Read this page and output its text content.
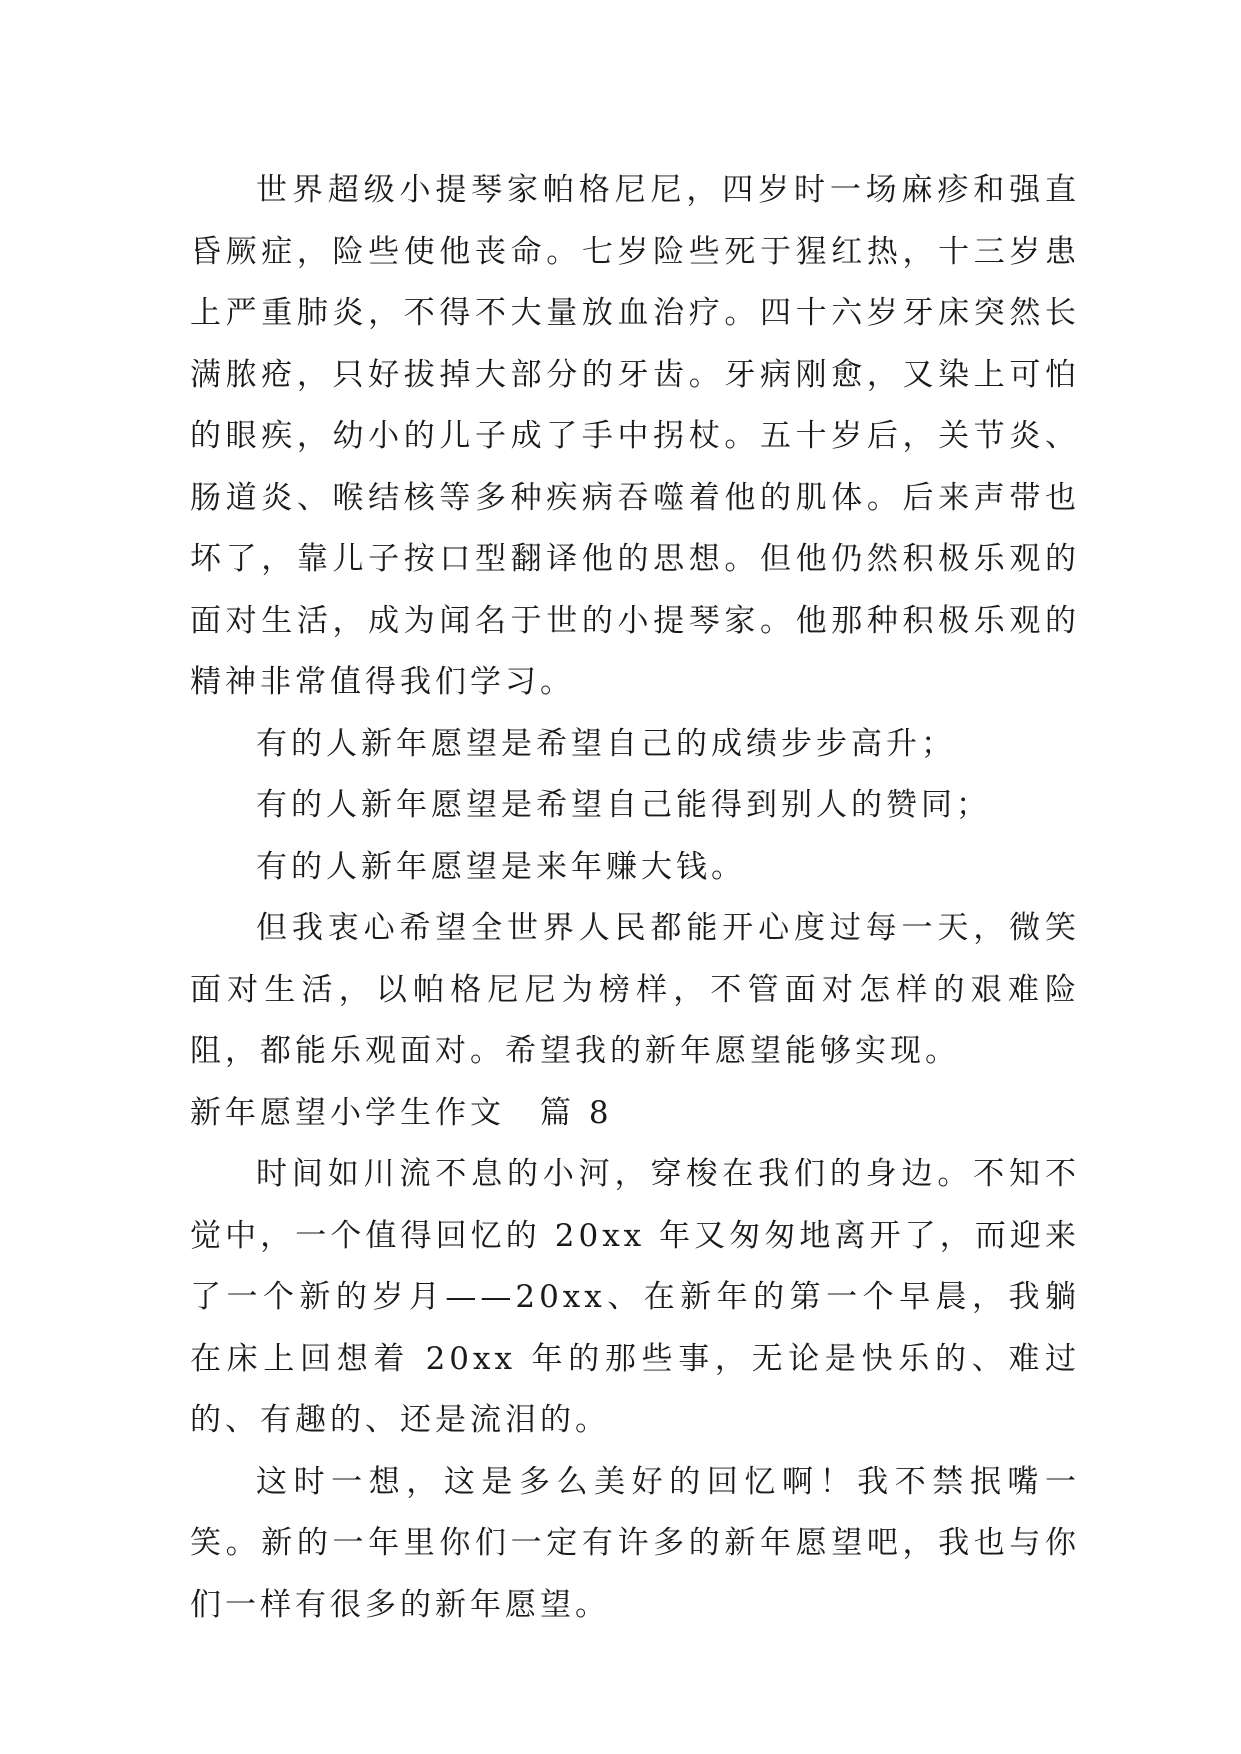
世界超级小提琴家帕格尼尼，四岁时一场麻疹和强直昏厥症，险些使他丧命。七岁险些死于猩红热，十三岁患上严重肺炎，不得不大量放血治疗。四十六岁牙床突然长满脓疮，只好拔掉大部分的牙齿。牙病刚愈，又染上可怕的眼疾，幼小的儿子成了手中拐杖。五十岁后，关节炎、肠道炎、喉结核等多种疾病吞噬着他的肌体。后来声带也坏了，靠儿子按口型翻译他的思想。但他仍然积极乐观的面对生活，成为闻名于世的小提琴家。他那种积极乐观的精神非常值得我们学习。

有的人新年愿望是希望自己的成绩步步高升；

有的人新年愿望是希望自己能得到别人的赞同；

有的人新年愿望是来年赚大钱。

但我衷心希望全世界人民都能开心度过每一天，微笑面对生活，以帕格尼尼为榜样，不管面对怎样的艰难险阻，都能乐观面对。希望我的新年愿望能够实现。

新年愿望小学生作文　篇 8

时间如川流不息的小河，穿梭在我们的身边。不知不觉中，一个值得回忆的 20xx 年又匆匆地离开了，而迎来了一个新的岁月——20xx、在新年的第一个早晨，我躺在床上回想着 20xx 年的那些事，无论是快乐的、难过的、有趣的、还是流泪的。

这时一想，这是多么美好的回忆啊！我不禁抿嘴一笑。新的一年里你们一定有许多的新年愿望吧，我也与你们一样有很多的新年愿望。
